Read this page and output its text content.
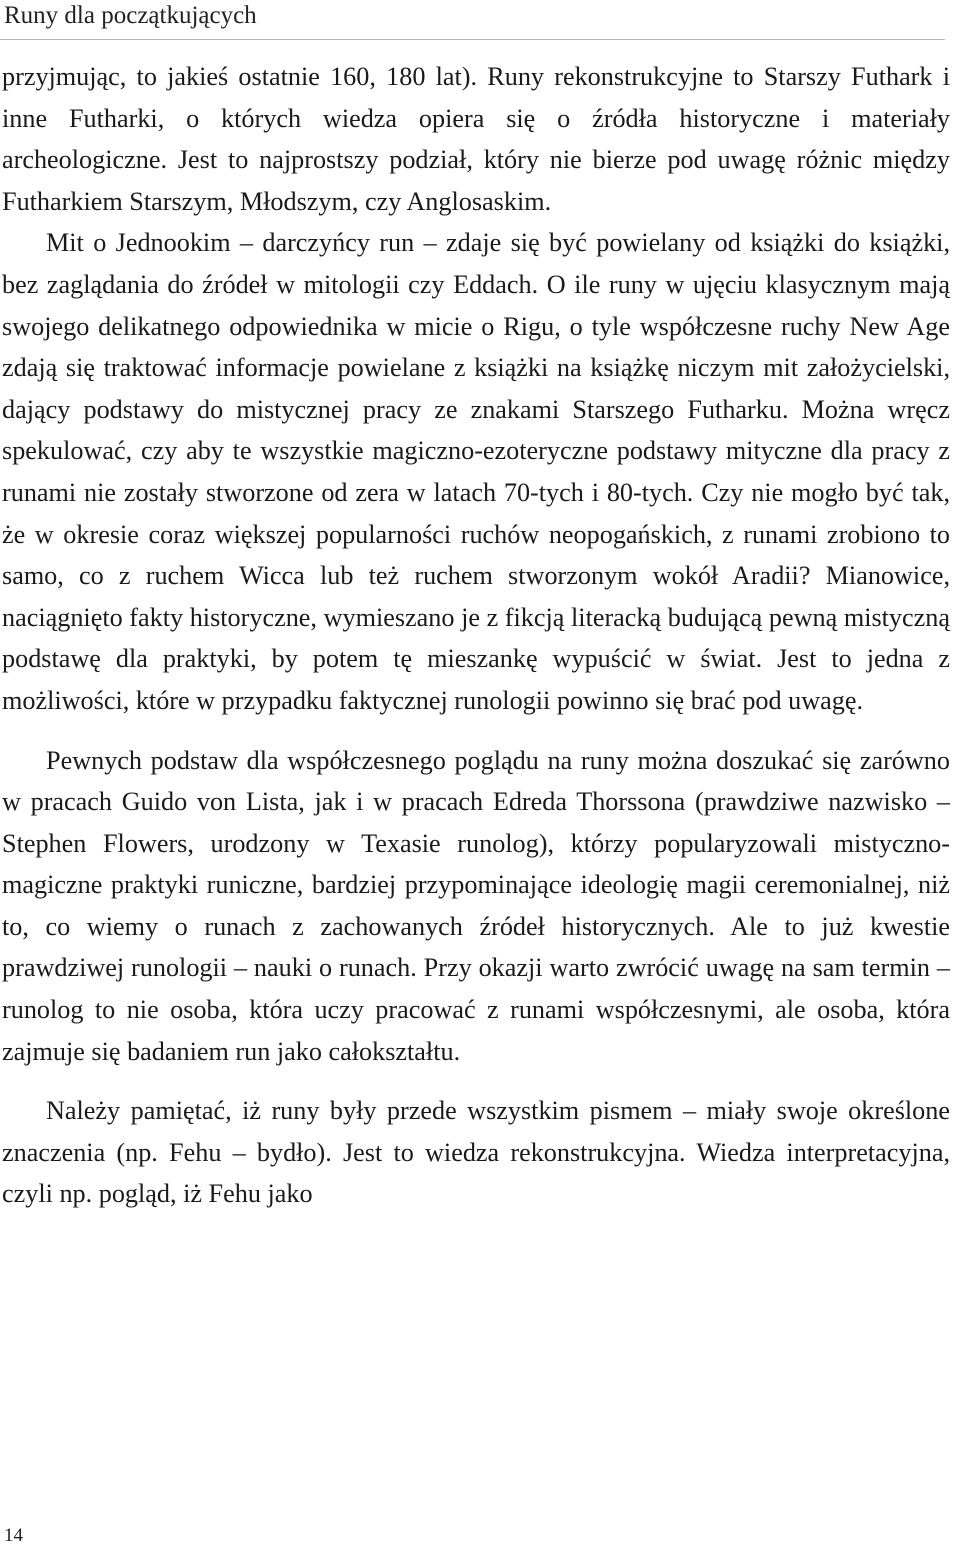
Runy dla początkujących

przyjmując, to jakieś ostatnie 160, 180 lat). Runy rekonstrukcyjne to Starszy Futhark i inne Futharki, o których wiedza opiera się o źródła historyczne i materiały archeologiczne. Jest to najprostszy podział, który nie bierze pod uwagę różnic między Futharkiem Starszym, Młodszym, czy Anglosaskim.

Mit o Jednookim – darczyńcy run – zdaje się być powielany od książki do książki, bez zaglądania do źródeł w mitologii czy Eddach. O ile runy w ujęciu klasycznym mają swojego delikatnego odpowiednika w micie o Rigu, o tyle współczesne ruchy New Age zdają się traktować informacje powielane z książki na książkę niczym mit założycielski, dający podstawy do mistycznej pracy ze znakami Starszego Futharku. Można wręcz spekulować, czy aby te wszystkie magiczno-ezoteryczne podstawy mityczne dla pracy z runami nie zostały stworzone od zera w latach 70-tych i 80-tych. Czy nie mogło być tak, że w okresie coraz większej popularności ruchów neopogańskich, z runami zrobiono to samo, co z ruchem Wicca lub też ruchem stworzonym wokół Aradii? Mianowice, naciągnięto fakty historyczne, wymieszano je z fikcją literacką budującą pewną mistyczną podstawę dla praktyki, by potem tę mieszankę wypuścić w świat. Jest to jedna z możliwości, które w przypadku faktycznej runologii powinno się brać pod uwagę.

Pewnych podstaw dla współczesnego poglądu na runy można doszukać się zarówno w pracach Guido von Lista, jak i w pracach Edreda Thorssona (prawdziwe nazwisko – Stephen Flowers, urodzony w Texasie runolog), którzy popularyzowali mistyczno-magiczne praktyki runiczne, bardziej przypominające ideologię magii ceremonialnej, niż to, co wiemy o runach z zachowanych źródeł historycznych. Ale to już kwestie prawdziwej runologii – nauki o runach. Przy okazji warto zwrócić uwagę na sam termin – runolog to nie osoba, która uczy pracować z runami współczesnymi, ale osoba, która zajmuje się badaniem run jako całokształtu.

Należy pamiętać, iż runy były przede wszystkim pismem – miały swoje określone znaczenia (np. Fehu – bydło). Jest to wiedza rekonstrukcyjna. Wiedza interpretacyjna, czyli np. pogląd, iż Fehu jako

14
